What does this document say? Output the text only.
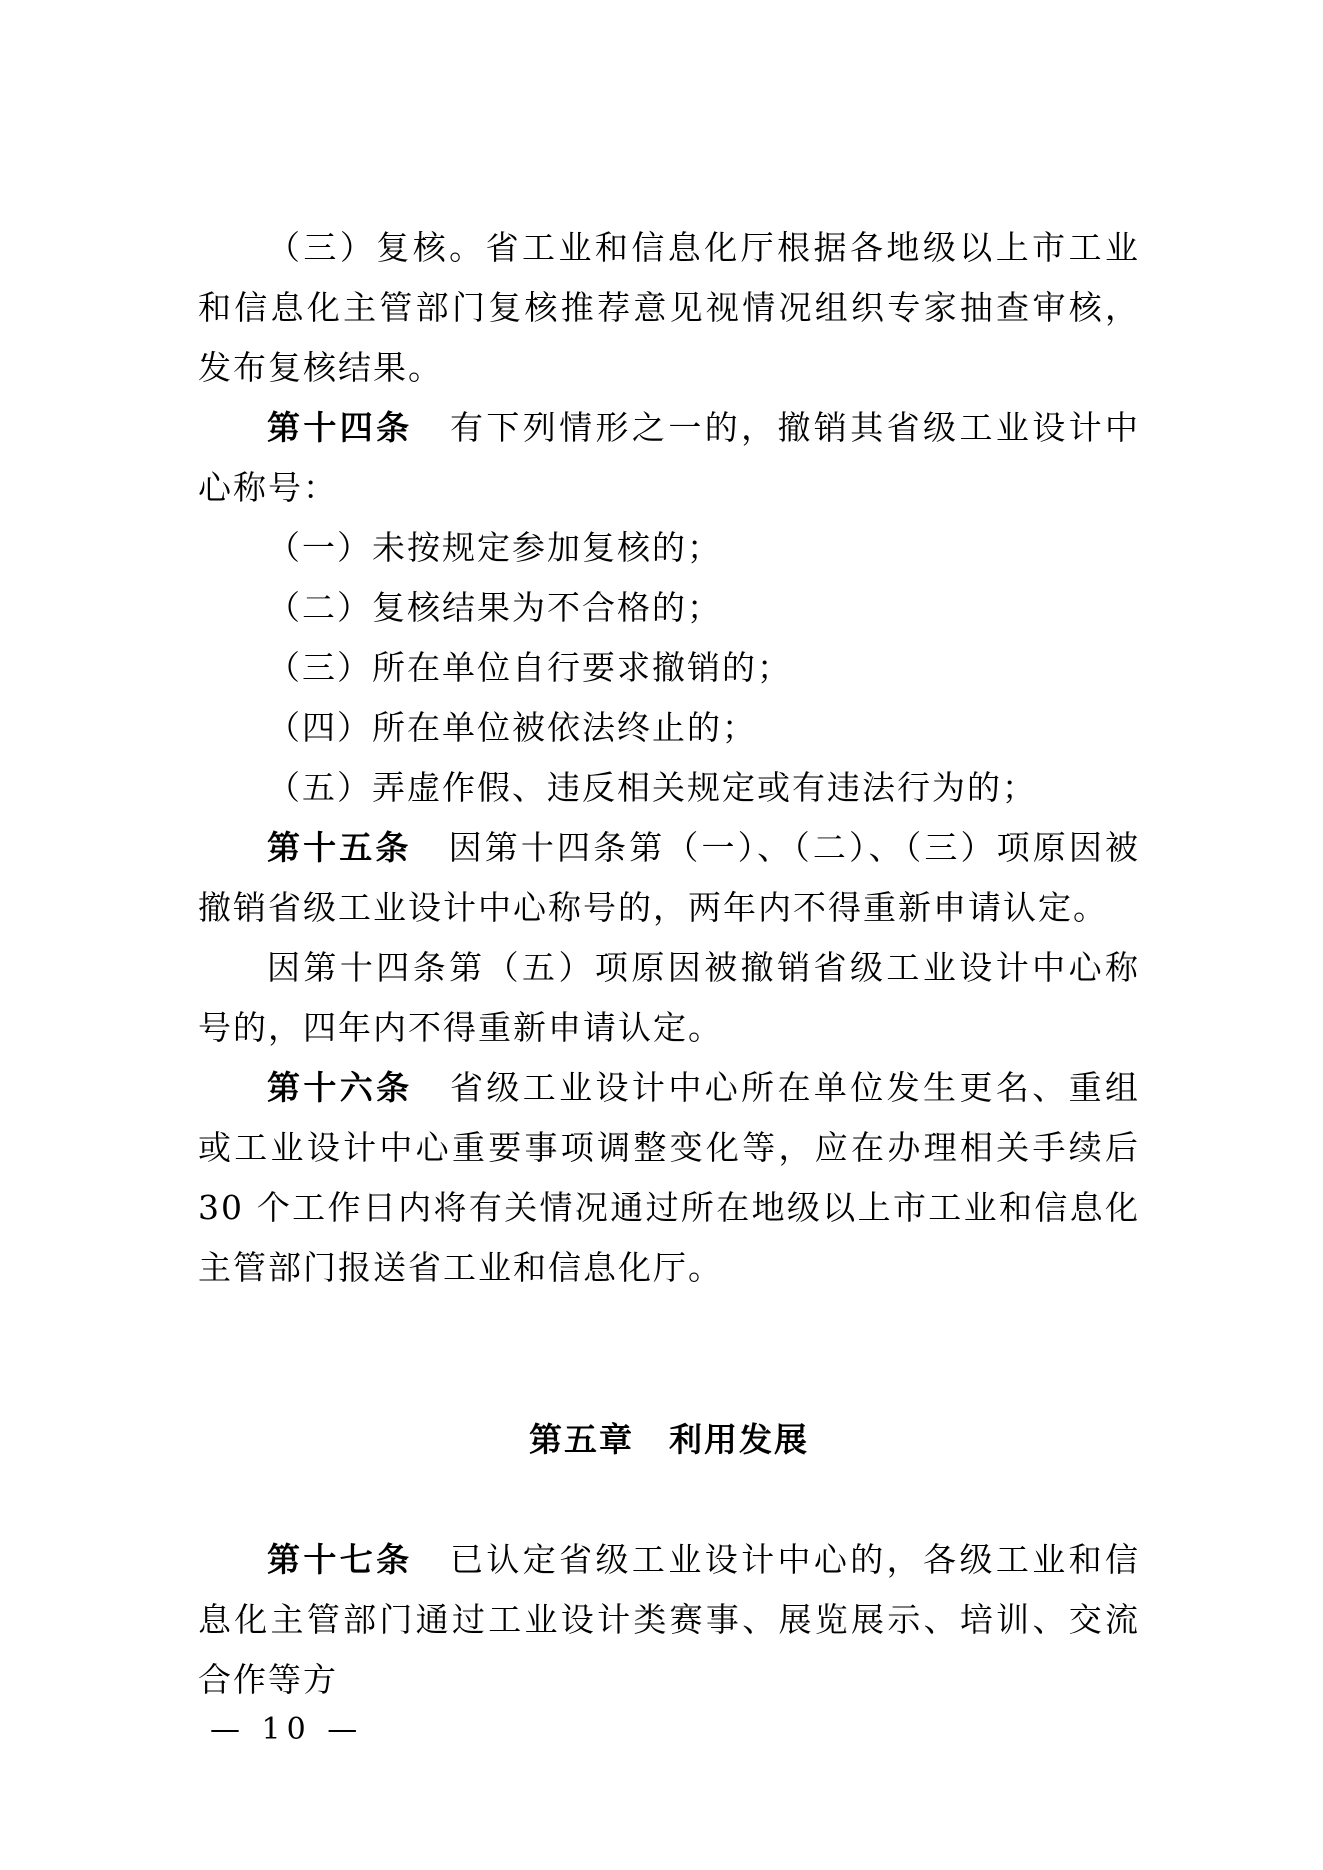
（三）复核。省工业和信息化厅根据各地级以上市工业和信息化主管部门复核推荐意见视情况组织专家抽查审核，发布复核结果。

第十四条 有下列情形之一的，撤销其省级工业设计中心称号：

（一）未按规定参加复核的；

（二）复核结果为不合格的；

（三）所在单位自行要求撤销的；

（四）所在单位被依法终止的；

（五）弄虚作假、违反相关规定或有违法行为的；

第十五条 因第十四条第（一）、（二）、（三）项原因被撤销省级工业设计中心称号的，两年内不得重新申请认定。

因第十四条第（五）项原因被撤销省级工业设计中心称号的，四年内不得重新申请认定。

第十六条 省级工业设计中心所在单位发生更名、重组或工业设计中心重要事项调整变化等，应在办理相关手续后 30 个工作日内将有关情况通过所在地级以上市工业和信息化主管部门报送省工业和信息化厅。

第五章　利用发展

第十七条 已认定省级工业设计中心的，各级工业和信息化主管部门通过工业设计类赛事、展览展示、培训、交流合作等方

— 10 —
